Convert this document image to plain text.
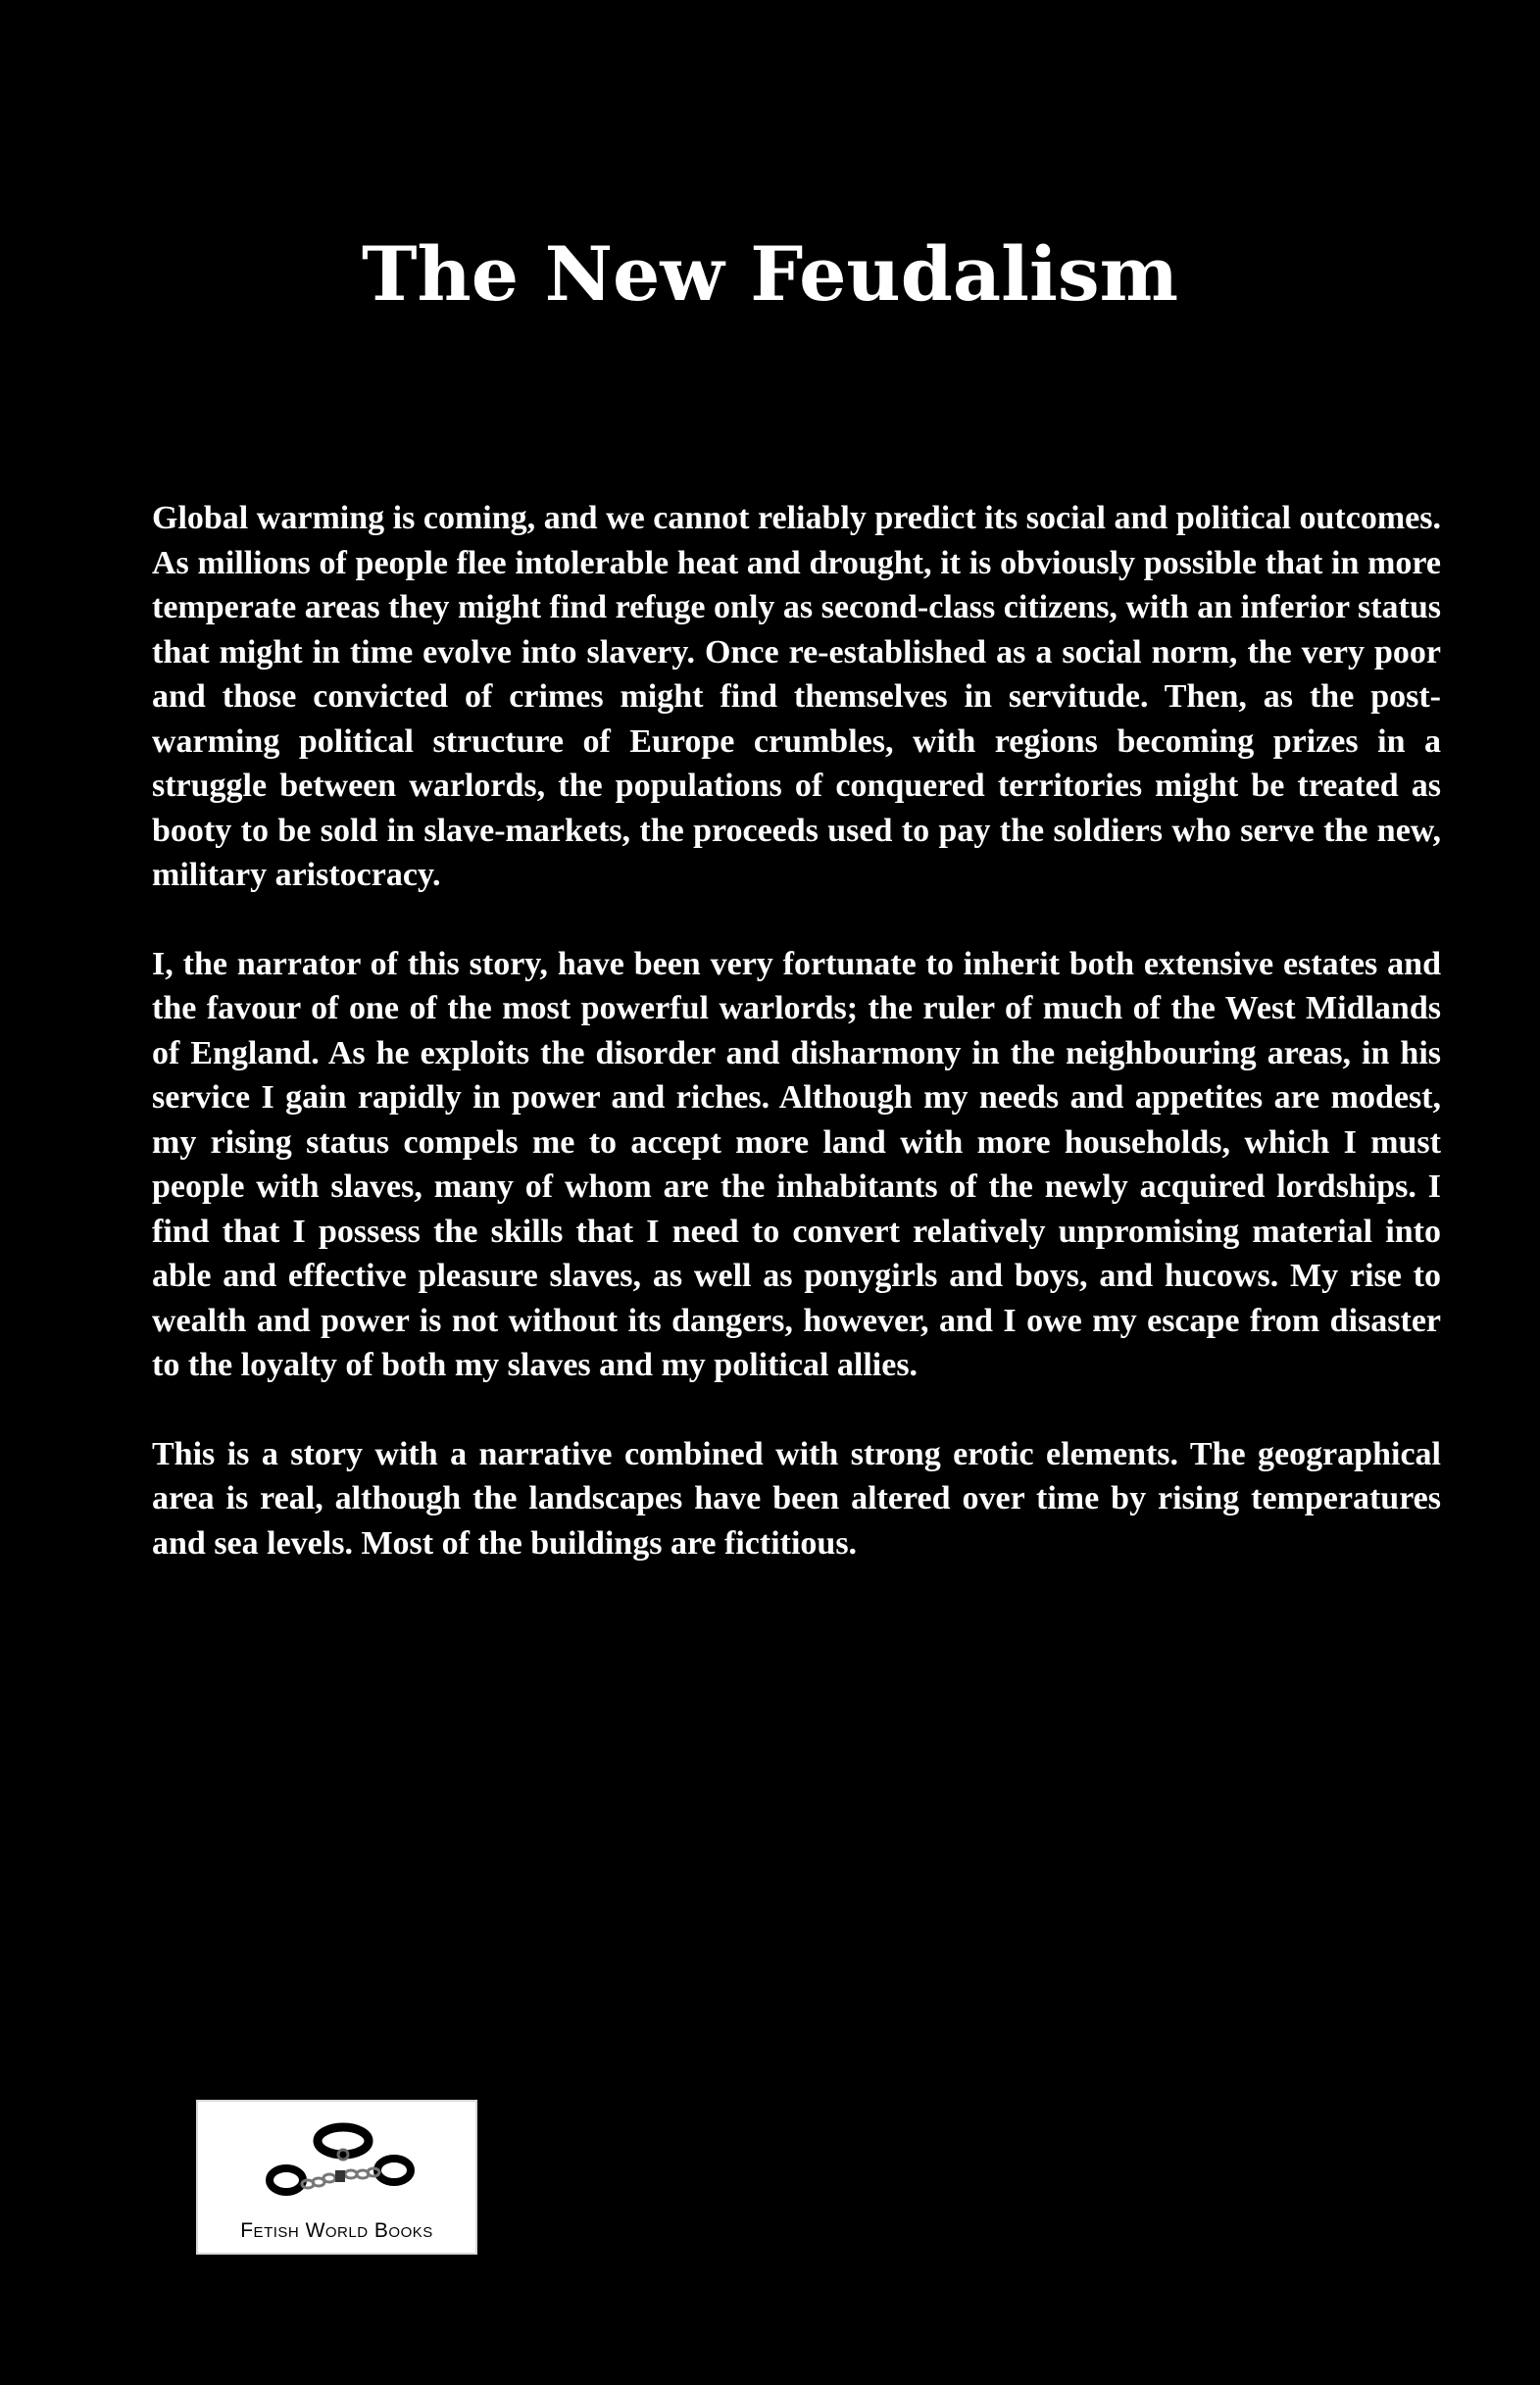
The New Feudalism

Global warming is coming, and we cannot reliably predict its social and political outcomes. As millions of people flee intolerable heat and drought, it is obviously possible that in more temperate areas they might find refuge only as second-class citizens, with an inferior status that might in time evolve into slavery. Once re-established as a social norm, the very poor and those convicted of crimes might find themselves in servitude. Then, as the post-warming political structure of Europe crumbles, with regions becoming prizes in a struggle between warlords, the populations of conquered territories might be treated as booty to be sold in slave-markets, the proceeds used to pay the soldiers who serve the new, military aristocracy.

I, the narrator of this story, have been very fortunate to inherit both extensive estates and the favour of one of the most powerful warlords; the ruler of much of the West Midlands of England. As he exploits the disorder and disharmony in the neighbouring areas, in his service I gain rapidly in power and riches. Although my needs and appetites are modest, my rising status compels me to accept more land with more households, which I must people with slaves, many of whom are the inhabitants of the newly acquired lordships. I find that I possess the skills that I need to convert relatively unpromising material into able and effective pleasure slaves, as well as ponygirls and boys, and hucows. My rise to wealth and power is not without its dangers, however, and I owe my escape from disaster to the loyalty of both my slaves and my political allies.

This is a story with a narrative combined with strong erotic elements. The geographical area is real, although the landscapes have been altered over time by rising temperatures and sea levels. Most of the buildings are fictitious.

Fetish World Books
